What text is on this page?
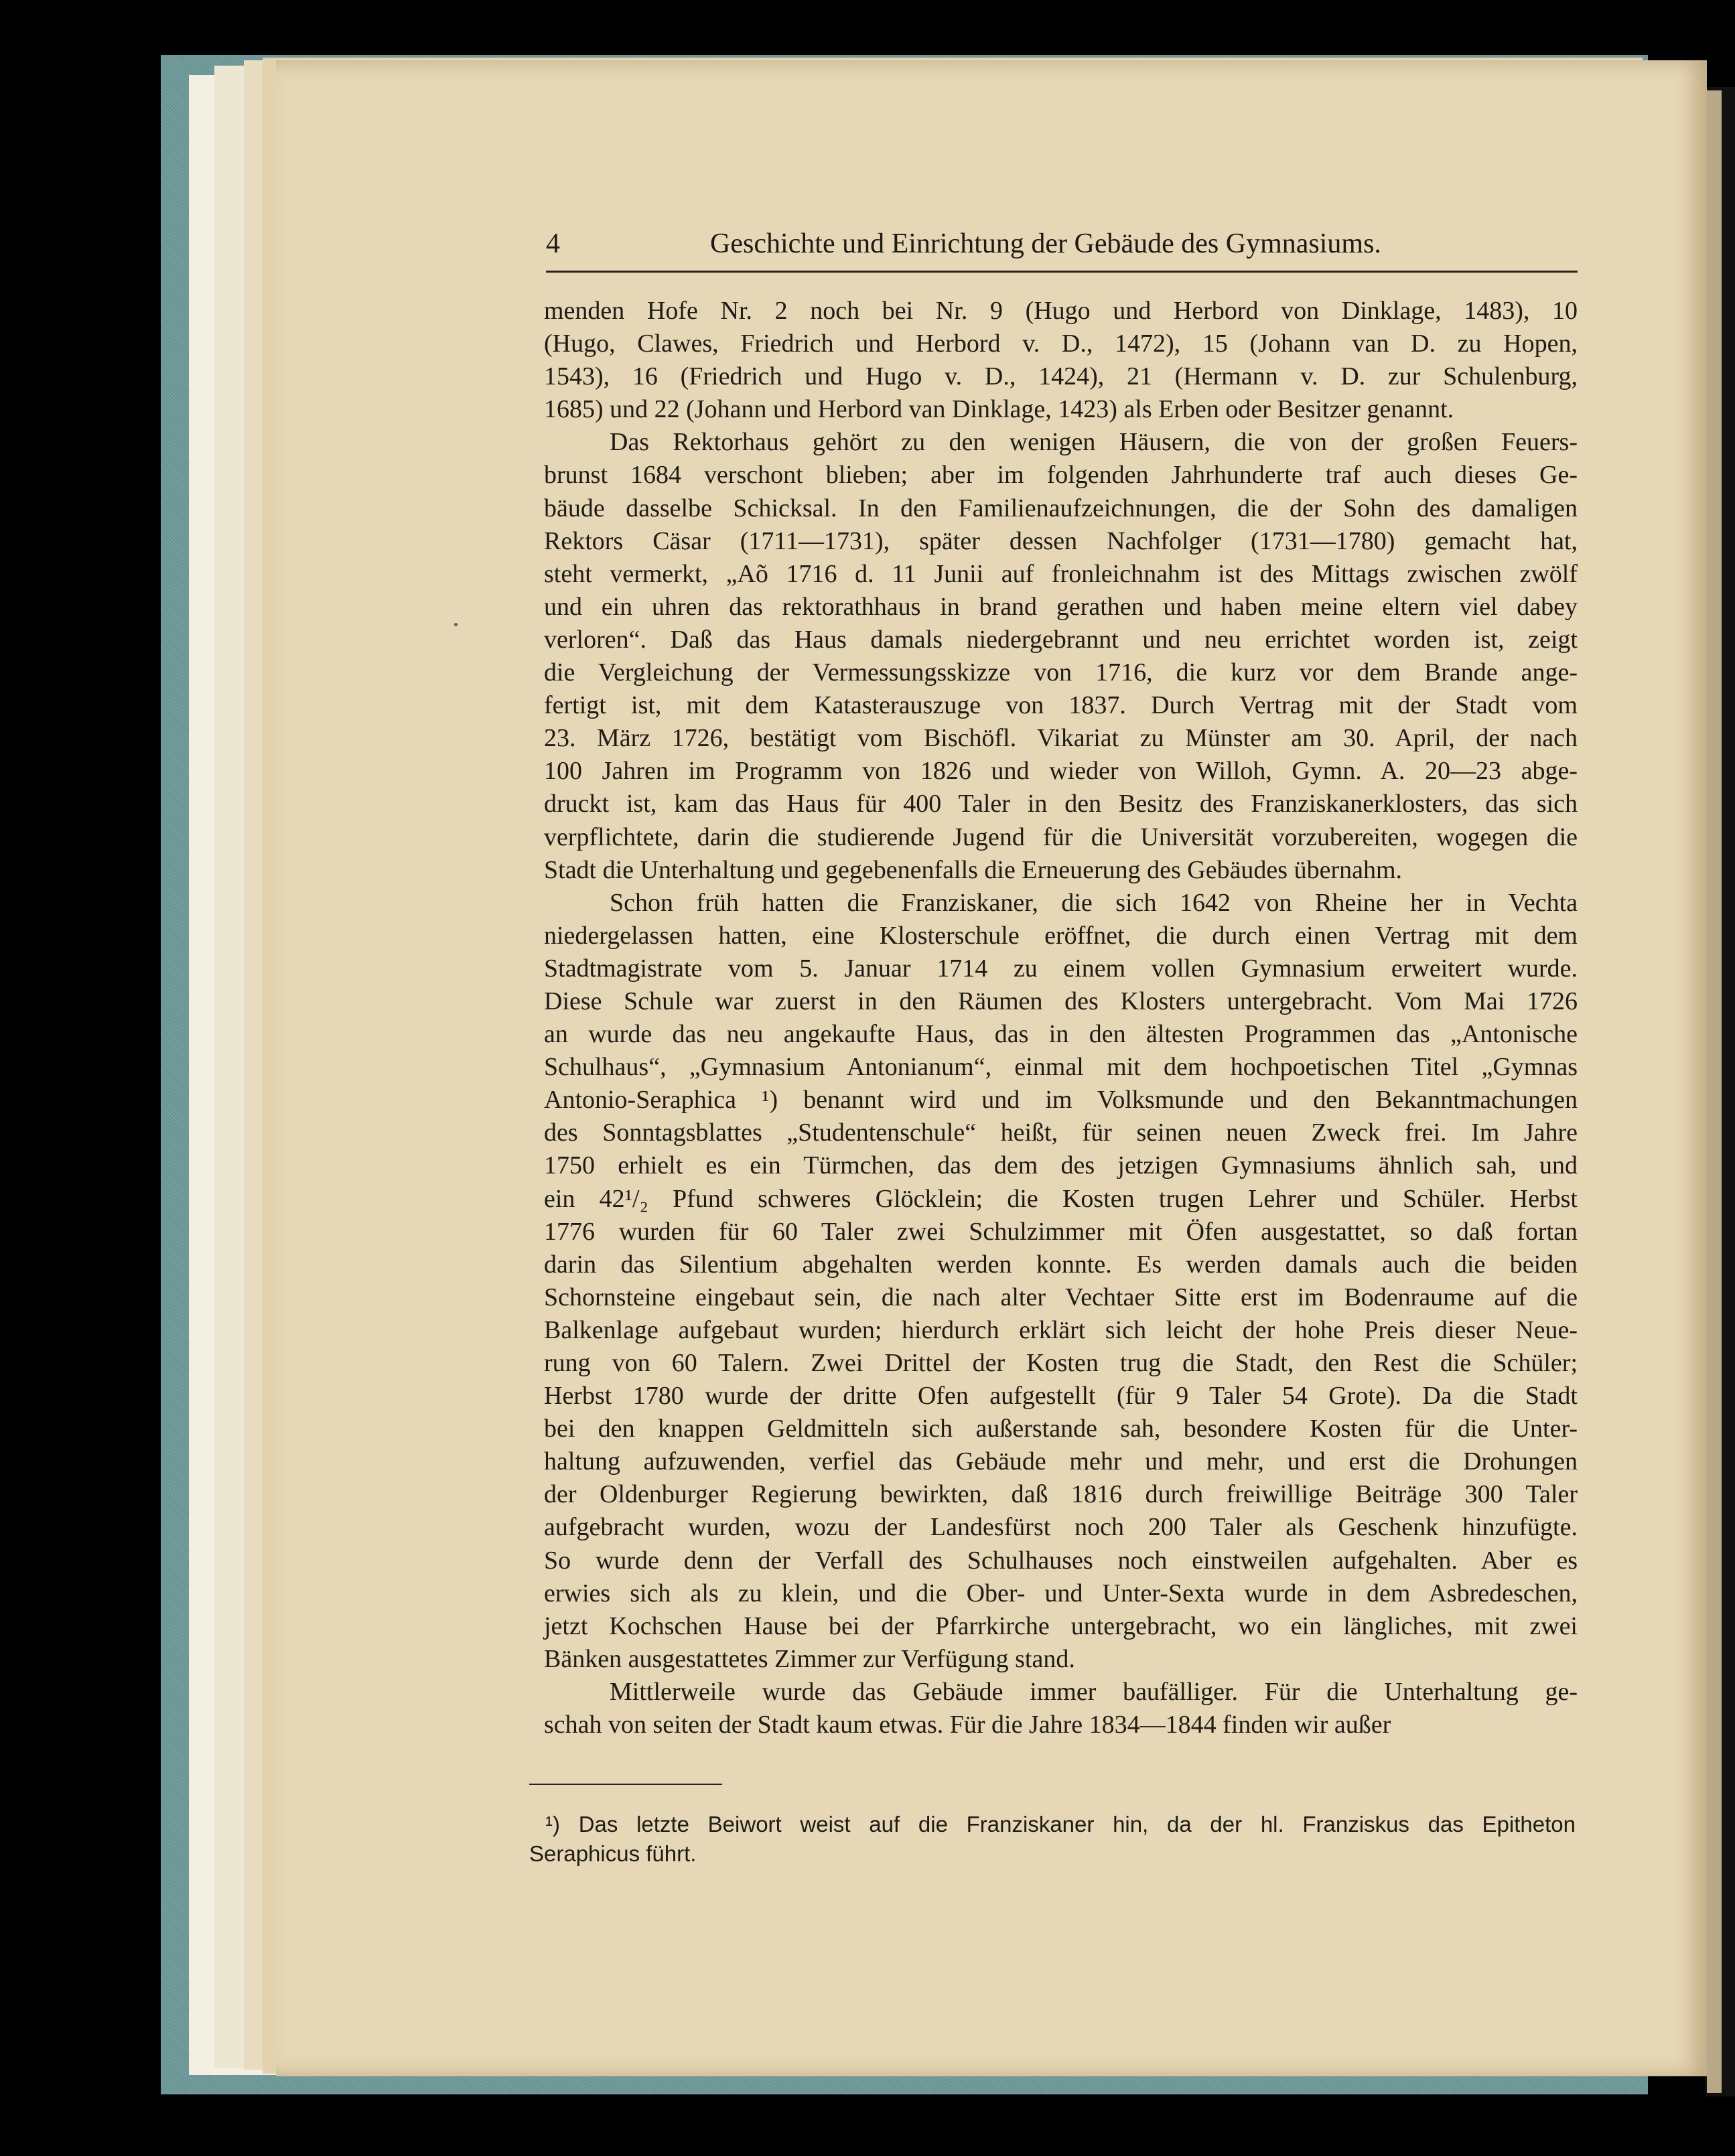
4	Geschichte und Einrichtung der Gebäude des Gymnasiums.
menden Hofe Nr. 2 noch bei Nr. 9 (Hugo und Herbord von Dinklage, 1483), 10
(Hugo, Clawes, Friedrich und Herbord v. D., 1472), 15 (Johann van D. zu Hopen,
1543), 16 (Friedrich und Hugo v. D., 1424), 21 (Hermann v. D. zur Schulenburg,
1685) und 22 (Johann und Herbord van Dinklage, 1423) als Erben oder Besitzer genannt.
Das Rektorhaus gehört zu den wenigen Häusern, die von der großen Feuers-
brunst 1684 verschont blieben; aber im folgenden Jahrhunderte traf auch dieses Ge-
bäude dasselbe Schicksal. In den Familienaufzeichnungen, die der Sohn des damaligen
Rektors Cäsar (1711—1731), später dessen Nachfolger (1731—1780) gemacht hat,
steht vermerkt, „Aõ 1716 d. 11 Junii auf fronleichnahm ist des Mittags zwischen zwölf
und ein uhren das rektorathhaus in brand gerathen und haben meine eltern viel dabey
verloren“. Daß das Haus damals niedergebrannt und neu errichtet worden ist, zeigt
die Vergleichung der Vermessungsskizze von 1716, die kurz vor dem Brande ange-
fertigt ist, mit dem Katasterauszuge von 1837. Durch Vertrag mit der Stadt vom
23. März 1726, bestätigt vom Bischöfl. Vikariat zu Münster am 30. April, der nach
100 Jahren im Programm von 1826 und wieder von Willoh, Gymn. A. 20—23 abge-
druckt ist, kam das Haus für 400 Taler in den Besitz des Franziskanerklosters, das sich
verpflichtete, darin die studierende Jugend für die Universität vorzubereiten, wogegen die
Stadt die Unterhaltung und gegebenenfalls die Erneuerung des Gebäudes übernahm.
Schon früh hatten die Franziskaner, die sich 1642 von Rheine her in Vechta
niedergelassen hatten, eine Klosterschule eröffnet, die durch einen Vertrag mit dem
Stadtmagistrate vom 5. Januar 1714 zu einem vollen Gymnasium erweitert wurde.
Diese Schule war zuerst in den Räumen des Klosters untergebracht. Vom Mai 1726
an wurde das neu angekaufte Haus, das in den ältesten Programmen das „Antonische
Schulhaus“, „Gymnasium Antonianum“, einmal mit dem hochpoetischen Titel „Gymnas
Antonio-Seraphica ¹) benannt wird und im Volksmunde und den Bekanntmachungen
des Sonntagsblattes „Studentenschule“ heißt, für seinen neuen Zweck frei. Im Jahre
1750 erhielt es ein Türmchen, das dem des jetzigen Gymnasiums ähnlich sah, und
ein 42¹/₂ Pfund schweres Glöcklein; die Kosten trugen Lehrer und Schüler. Herbst
1776 wurden für 60 Taler zwei Schulzimmer mit Öfen ausgestattet, so daß fortan
darin das Silentium abgehalten werden konnte. Es werden damals auch die beiden
Schornsteine eingebaut sein, die nach alter Vechtaer Sitte erst im Bodenraume auf die
Balkenlage aufgebaut wurden; hierdurch erklärt sich leicht der hohe Preis dieser Neue-
rung von 60 Talern. Zwei Drittel der Kosten trug die Stadt, den Rest die Schüler;
Herbst 1780 wurde der dritte Ofen aufgestellt (für 9 Taler 54 Grote). Da die Stadt
bei den knappen Geldmitteln sich außerstande sah, besondere Kosten für die Unter-
haltung aufzuwenden, verfiel das Gebäude mehr und mehr, und erst die Drohungen
der Oldenburger Regierung bewirkten, daß 1816 durch freiwillige Beiträge 300 Taler
aufgebracht wurden, wozu der Landesfürst noch 200 Taler als Geschenk hinzufügte.
So wurde denn der Verfall des Schulhauses noch einstweilen aufgehalten. Aber es
erwies sich als zu klein, und die Ober- und Unter-Sexta wurde in dem Asbredeschen,
jetzt Kochschen Hause bei der Pfarrkirche untergebracht, wo ein längliches, mit zwei
Bänken ausgestattetes Zimmer zur Verfügung stand.
Mittlerweile wurde das Gebäude immer baufälliger. Für die Unterhaltung ge-
schah von seiten der Stadt kaum etwas. Für die Jahre 1834—1844 finden wir außer
¹) Das letzte Beiwort weist auf die Franziskaner hin, da der hl. Franziskus das Epitheton
Seraphicus führt.
